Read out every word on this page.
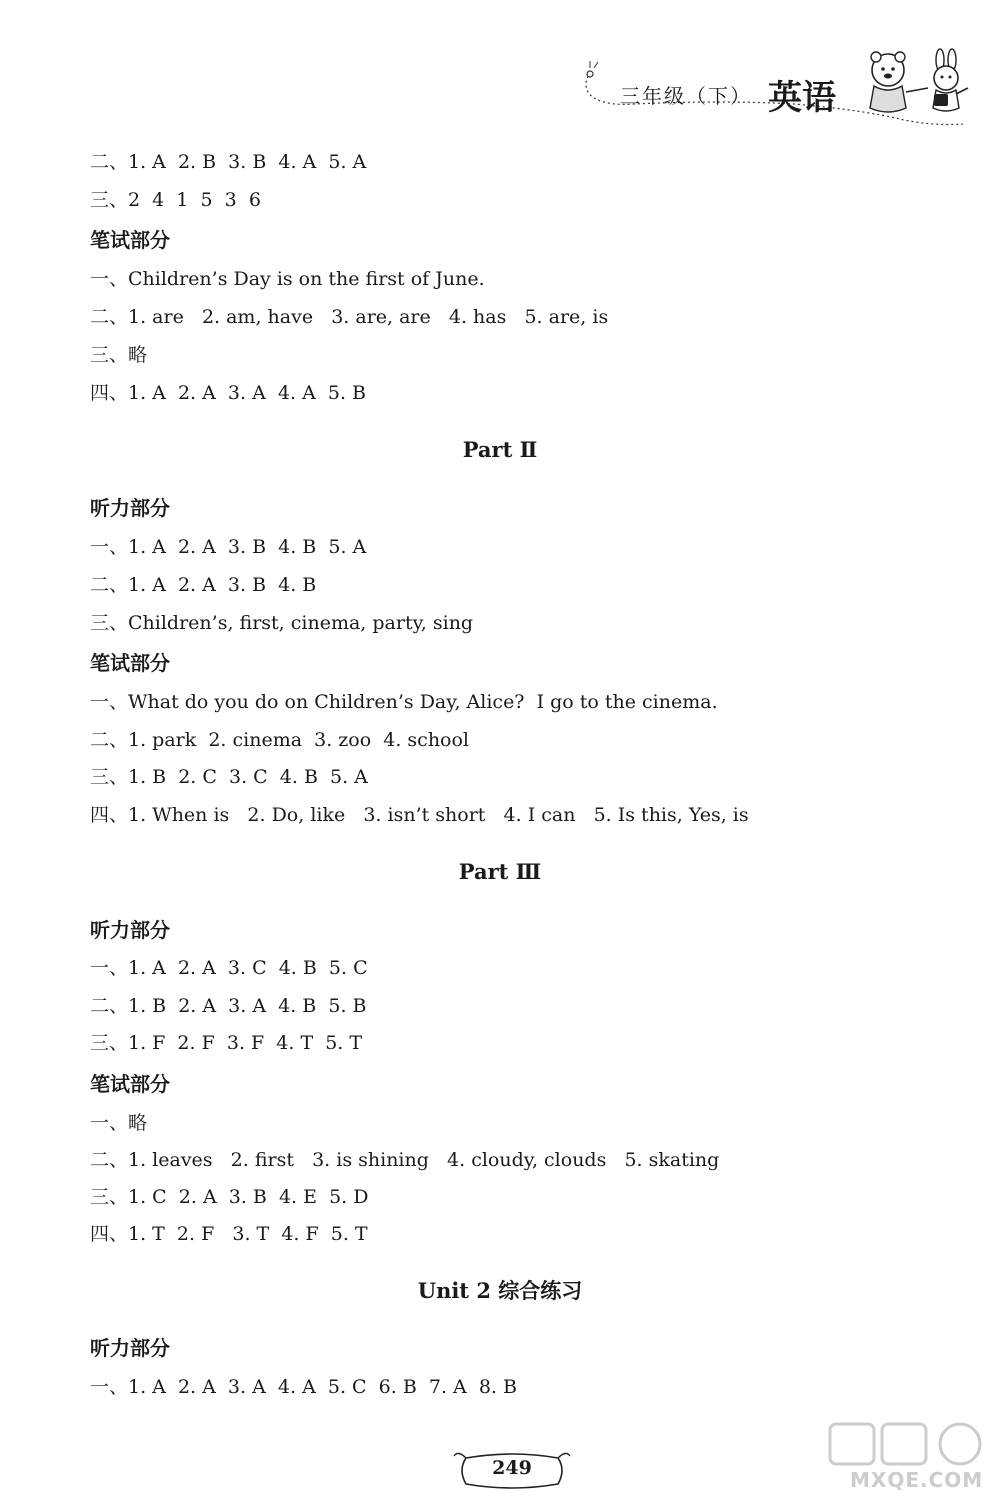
三年级（下） 英语
二、1. A  2. B  3. B  4. A  5. A
三、2  4  1  5  3  6
笔试部分
一、Children’s Day is on the first of June.
二、1. are   2. am, have   3. are, are   4. has   5. are, is
三、略
四、1. A  2. A  3. A  4. A  5. B
Part Ⅱ
听力部分
一、1. A  2. A  3. B  4. B  5. A
二、1. A  2. A  3. B  4. B
三、Children’s, first, cinema, party, sing
笔试部分
一、What do you do on Children’s Day, Alice?  I go to the cinema.
二、1. park  2. cinema  3. zoo  4. school
三、1. B  2. C  3. C  4. B  5. A
四、1. When is   2. Do, like   3. isn’t short   4. I can   5. Is this, Yes, is
Part Ⅲ
听力部分
一、1. A  2. A  3. C  4. B  5. C
二、1. B  2. A  3. A  4. B  5. B
三、1. F  2. F  3. F  4. T  5. T
笔试部分
一、略
二、1. leaves   2. first   3. is shining   4. cloudy, clouds   5. skating
三、1. C  2. A  3. B  4. E  5. D
四、1. T  2. F   3. T  4. F  5. T
Unit 2 综合练习
听力部分
一、1. A  2. A  3. A  4. A  5. C  6. B  7. A  8. B
249	MXQE.COM
